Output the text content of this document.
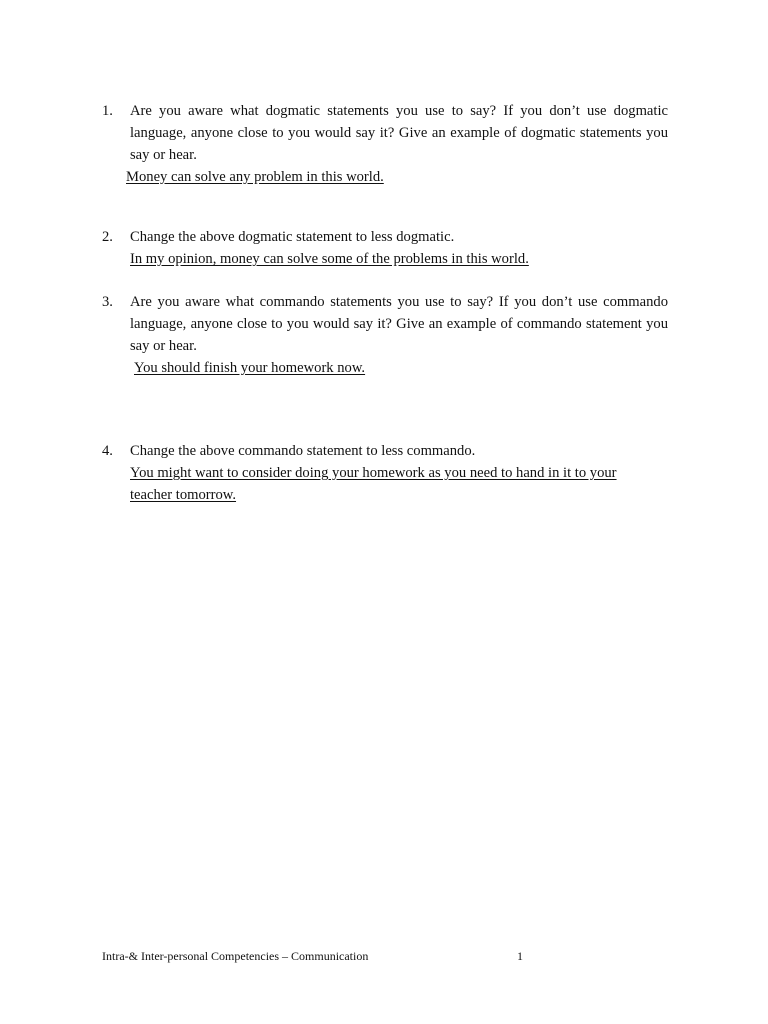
1. Are you aware what dogmatic statements you use to say? If you don’t use dogmatic language, anyone close to you would say it? Give an example of dogmatic statements you say or hear.
Money can solve any problem in this world.
2. Change the above dogmatic statement to less dogmatic.
In my opinion, money can solve some of the problems in this world.
3. Are you aware what commando statements you use to say? If you don’t use commando language, anyone close to you would say it? Give an example of commando statement you say or hear.
You should finish your homework now.
4. Change the above commando statement to less commando.
You might want to consider doing your homework as you need to hand in it to your teacher tomorrow.
Intra-& Inter-personal Competencies – Communication	1
